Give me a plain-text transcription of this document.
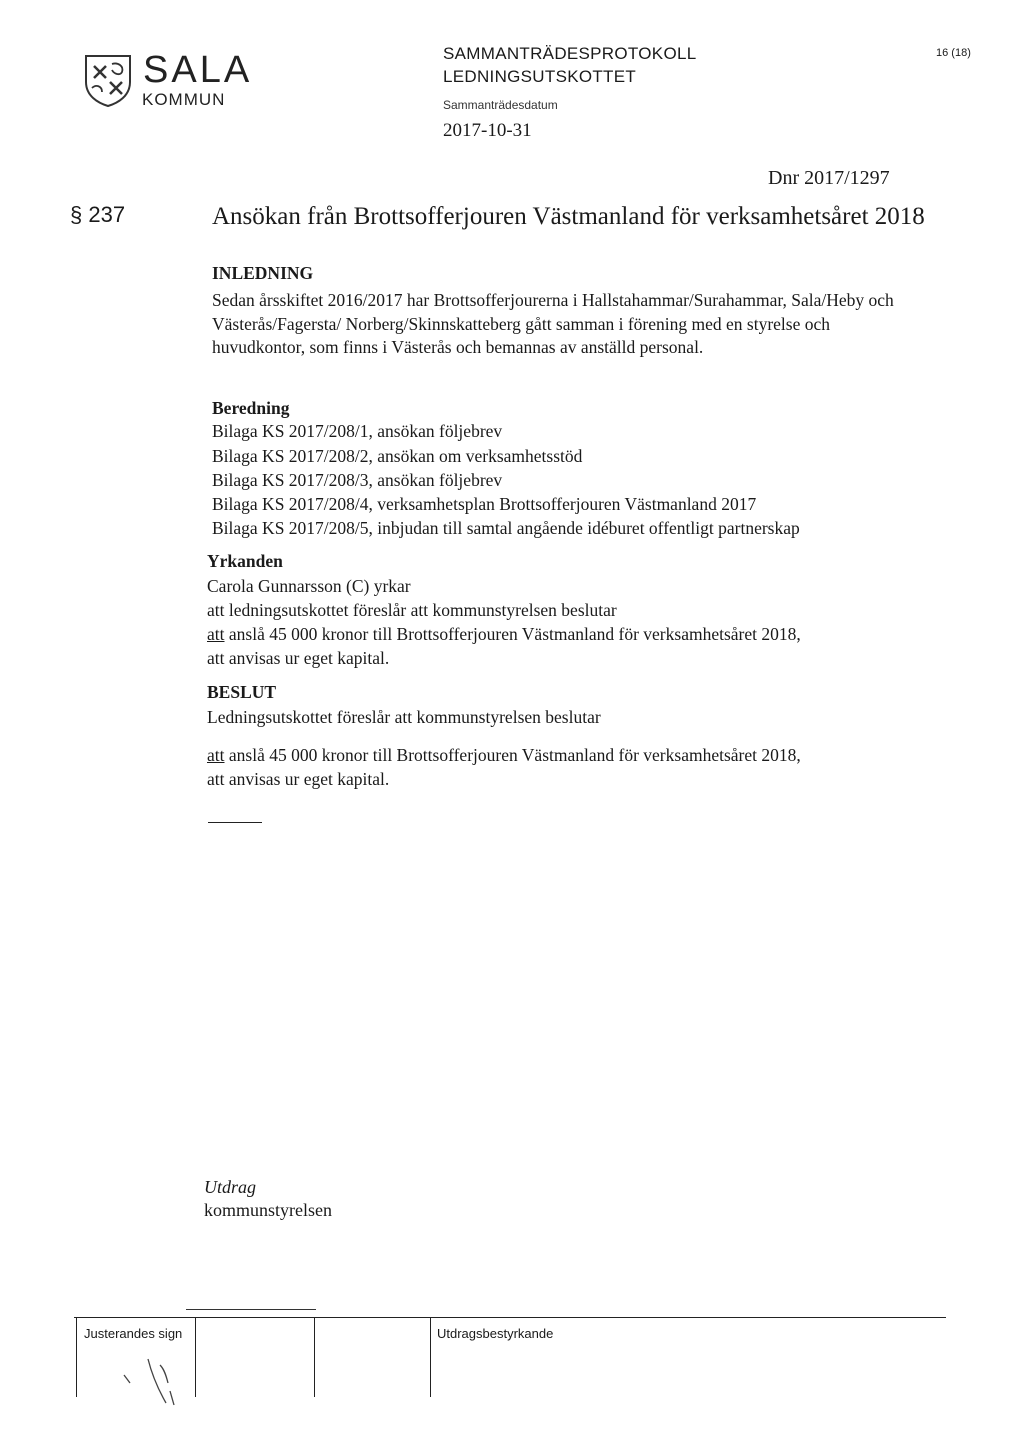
SALA
KOMMUN
SAMMANTRÄDESPROTOKOLL
LEDNINGSUTSKOTTET
Sammanträdesdatum
2017-10-31
16 (18)
Dnr 2017/1297
§ 237	Ansökan från Brottsofferjouren Västmanland för verksamhetsåret 2018
INLEDNING
Sedan årsskiftet 2016/2017 har Brottsofferjourerna i Hallstahammar/Surahammar, Sala/Heby och Västerås/Fagersta/ Norberg/Skinnskatteberg gått samman i förening med en styrelse och huvudkontor, som finns i Västerås och bemannas av anställd personal.
Beredning
Bilaga KS 2017/208/1, ansökan följebrev
Bilaga KS 2017/208/2, ansökan om verksamhetsstöd
Bilaga KS 2017/208/3, ansökan följebrev
Bilaga KS 2017/208/4, verksamhetsplan Brottsofferjouren Västmanland 2017
Bilaga KS 2017/208/5, inbjudan till samtal angående idéburet offentligt partnerskap
Yrkanden
Carola Gunnarsson (C) yrkar
att ledningsutskottet föreslår att kommunstyrelsen beslutar
att anslå 45 000 kronor till Brottsofferjouren Västmanland för verksamhetsåret 2018,
att anvisas ur eget kapital.
BESLUT
Ledningsutskottet föreslår att kommunstyrelsen beslutar
att anslå 45 000 kronor till Brottsofferjouren Västmanland för verksamhetsåret 2018,
att anvisas ur eget kapital.
Utdrag
kommunstyrelsen
Justerandes sign	Utdragsbestyrkande
